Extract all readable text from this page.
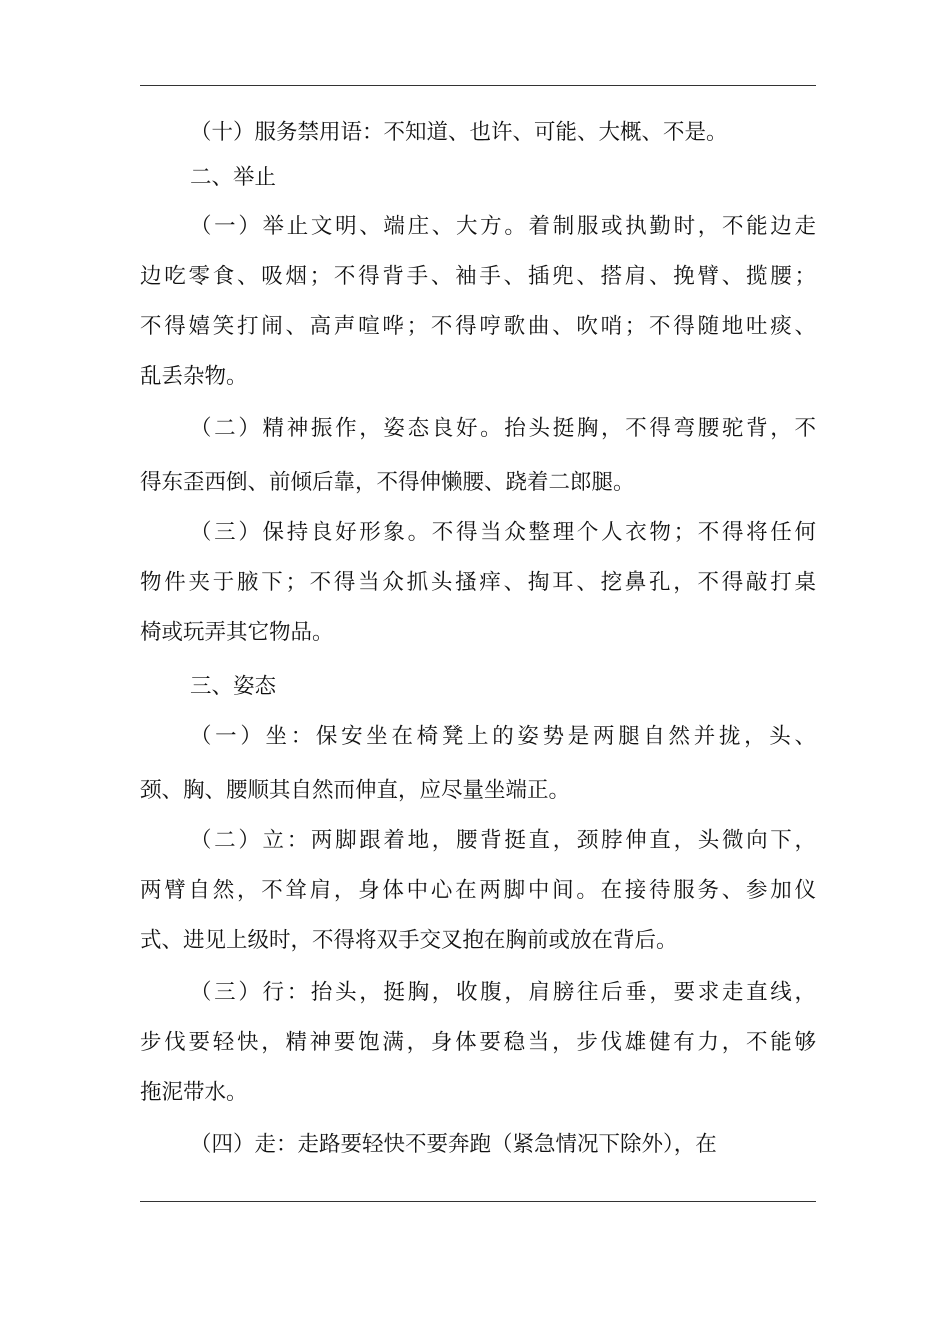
（十）服务禁用语：不知道、也许、可能、大概、不是。

二、举止

（一）举止文明、端庄、大方。着制服或执勤时，不能边走

边吃零食、吸烟；不得背手、袖手、插兜、搭肩、挽臂、揽腰；

不得嬉笑打闹、高声喧哗；不得哼歌曲、吹哨；不得随地吐痰、

乱丢杂物。

（二）精神振作，姿态良好。抬头挺胸，不得弯腰驼背，不

得东歪西倒、前倾后靠，不得伸懒腰、跷着二郎腿。

（三）保持良好形象。不得当众整理个人衣物；不得将任何

物件夹于腋下；不得当众抓头搔痒、掏耳、挖鼻孔，不得敲打桌

椅或玩弄其它物品。

三、姿态

（一）坐：保安坐在椅凳上的姿势是两腿自然并拢，头、

颈、胸、腰顺其自然而伸直，应尽量坐端正。

（二）立：两脚跟着地，腰背挺直，颈脖伸直，头微向下，

两臂自然，不耸肩，身体中心在两脚中间。在接待服务、参加仪

式、进见上级时，不得将双手交叉抱在胸前或放在背后。

（三）行：抬头，挺胸，收腹，肩膀往后垂，要求走直线，

步伐要轻快，精神要饱满，身体要稳当，步伐雄健有力，不能够

拖泥带水。

（四）走：走路要轻快不要奔跑（紧急情况下除外），在
